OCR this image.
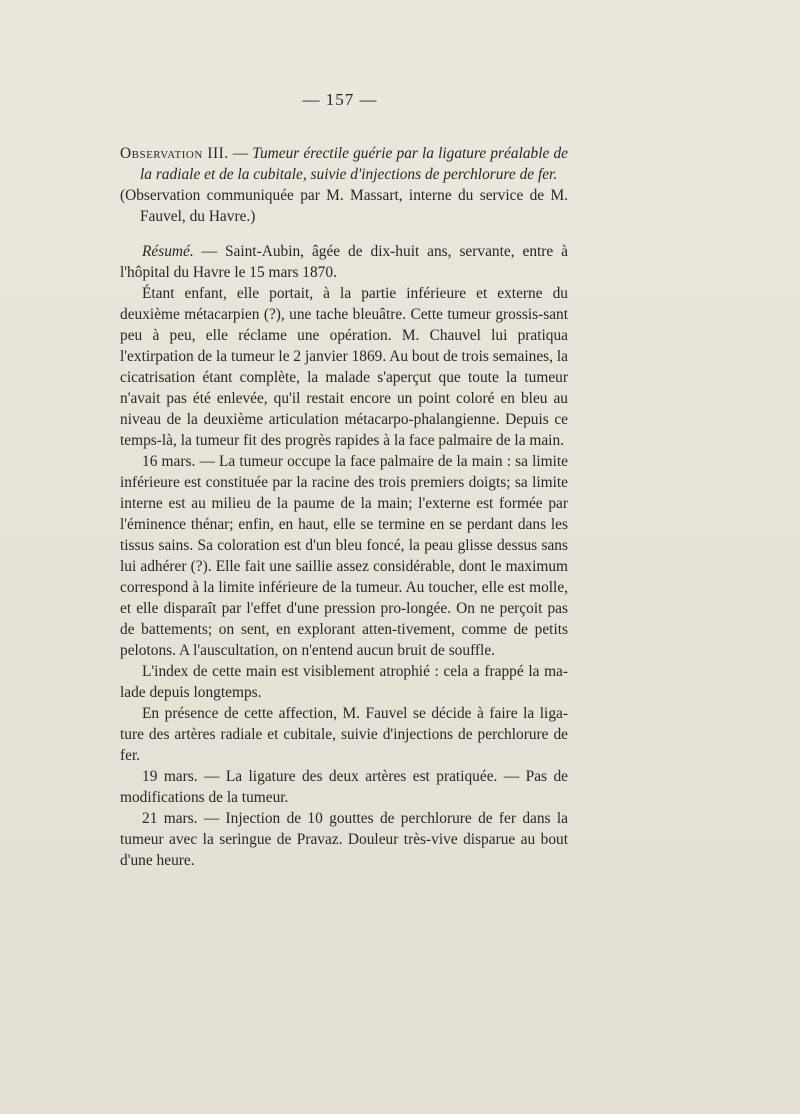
— 157 —

Observation III. — Tumeur érectile guérie par la ligature préalable de la radiale et de la cubitale, suivie d'injections de perchlorure de fer.
(Observation communiquée par M. Massart, interne du service de M. Fauvel, du Havre.)

Résumé. — Saint-Aubin, âgée de dix-huit ans, servante, entre à l'hôpital du Havre le 15 mars 1870.

Étant enfant, elle portait, à la partie inférieure et externe du deuxième métacarpien (?), une tache bleuâtre. Cette tumeur grossis-sant peu à peu, elle réclame une opération. M. Chauvel lui pratiqua l'extirpation de la tumeur le 2 janvier 1869. Au bout de trois semaines, la cicatrisation étant complète, la malade s'aperçut que toute la tumeur n'avait pas été enlevée, qu'il restait encore un point coloré en bleu au niveau de la deuxième articulation métacarpo-phalangienne. Depuis ce temps-là, la tumeur fit des progrès rapides à la face palmaire de la main.

16 mars. — La tumeur occupe la face palmaire de la main : sa limite inférieure est constituée par la racine des trois premiers doigts; sa limite interne est au milieu de la paume de la main; l'externe est formée par l'éminence thénar; enfin, en haut, elle se termine en se perdant dans les tissus sains. Sa coloration est d'un bleu foncé, la peau glisse dessus sans lui adhérer (?). Elle fait une saillie assez considérable, dont le maximum correspond à la limite inférieure de la tumeur. Au toucher, elle est molle, et elle disparaît par l'effet d'une pression pro-longée. On ne perçoit pas de battements; on sent, en explorant atten-tivement, comme de petits pelotons. A l'auscultation, on n'entend aucun bruit de souffle.

L'index de cette main est visiblement atrophié : cela a frappé la ma-lade depuis longtemps.

En présence de cette affection, M. Fauvel se décide à faire la liga-ture des artères radiale et cubitale, suivie d'injections de perchlorure de fer.

19 mars. — La ligature des deux artères est pratiquée. — Pas de modifications de la tumeur.

21 mars. — Injection de 10 gouttes de perchlorure de fer dans la tumeur avec la seringue de Pravaz. Douleur très-vive disparue au bout d'une heure.
